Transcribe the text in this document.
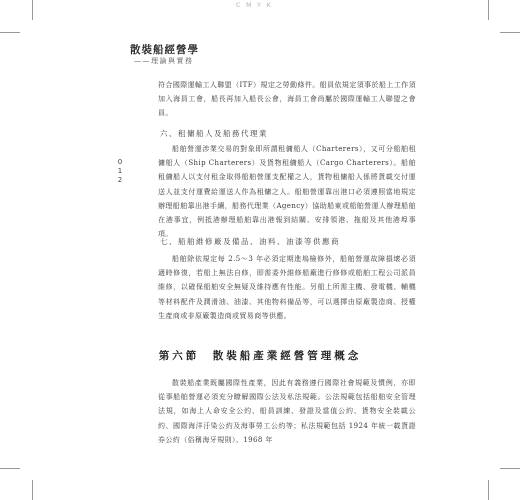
C M Y K
散裝船經營學
——理論與實務
012
符合國際運輸工人聯盟（ITF）規定之勞動條件。船員依規定須事於船上工作須加入海員工會，船長再加入船長公會，海員工會尚屬於國際運輸工人聯盟之會員。
六、租傭船人及船務代理業
船舶營運涉業交易的對象即所謂租傭船人（Charterers），又可分船舶租傭船人（Ship Charterers）及貨物租傭船人（Cargo Charterers）。船舶租傭船人以支付租金取得船舶營運支配權之人，貨物租傭船人係將貨載交付運送人並支付運費給運送人作為租傭之人。船舶營運靠出港口必須遵照當地規定辦理船舶靠出港手續，船務代理業（Agency）協助船東或船舶營運人辦理船舶在港事宜，例抵港辦理船舶靠出港報到結關、安排領港、拖船及其他港埠事項。
七、船舶維修廠及備品、油料、油漆等供應商
船舶除依規定每 2.5～3 年必須定期進塢檢修外，船舶營運故障損壞必須適時修復，若船上無法自修，即需委外維修船廠進行修修或船舶工程公司派員維修，以確保船舶安全無疑及維持應有性能。另船上所需主機、發電機、輔機等材料配件及潤滑油、油漆、其他物料備品等，可以選擇由原廠製造商、授權生產商或非原廠製造商或貿易商等供應。
第六節　散裝船產業經營管理概念
散裝船產業既屬國際性產業，因此有義務遵行國際社會規範及慣例，亦即從事船舶營運必須充分瞭解國際公法及私法規範。公法規範包括船舶安全管理法規，如海上人命安全公約、船員訓練、發證及當值公約、貨物安全裝載公約、國際海洋汙染公約及海事勞工公約等；私法規範包括 1924 年統一載貨證券公約（俗稱海牙規則）、1968 年
